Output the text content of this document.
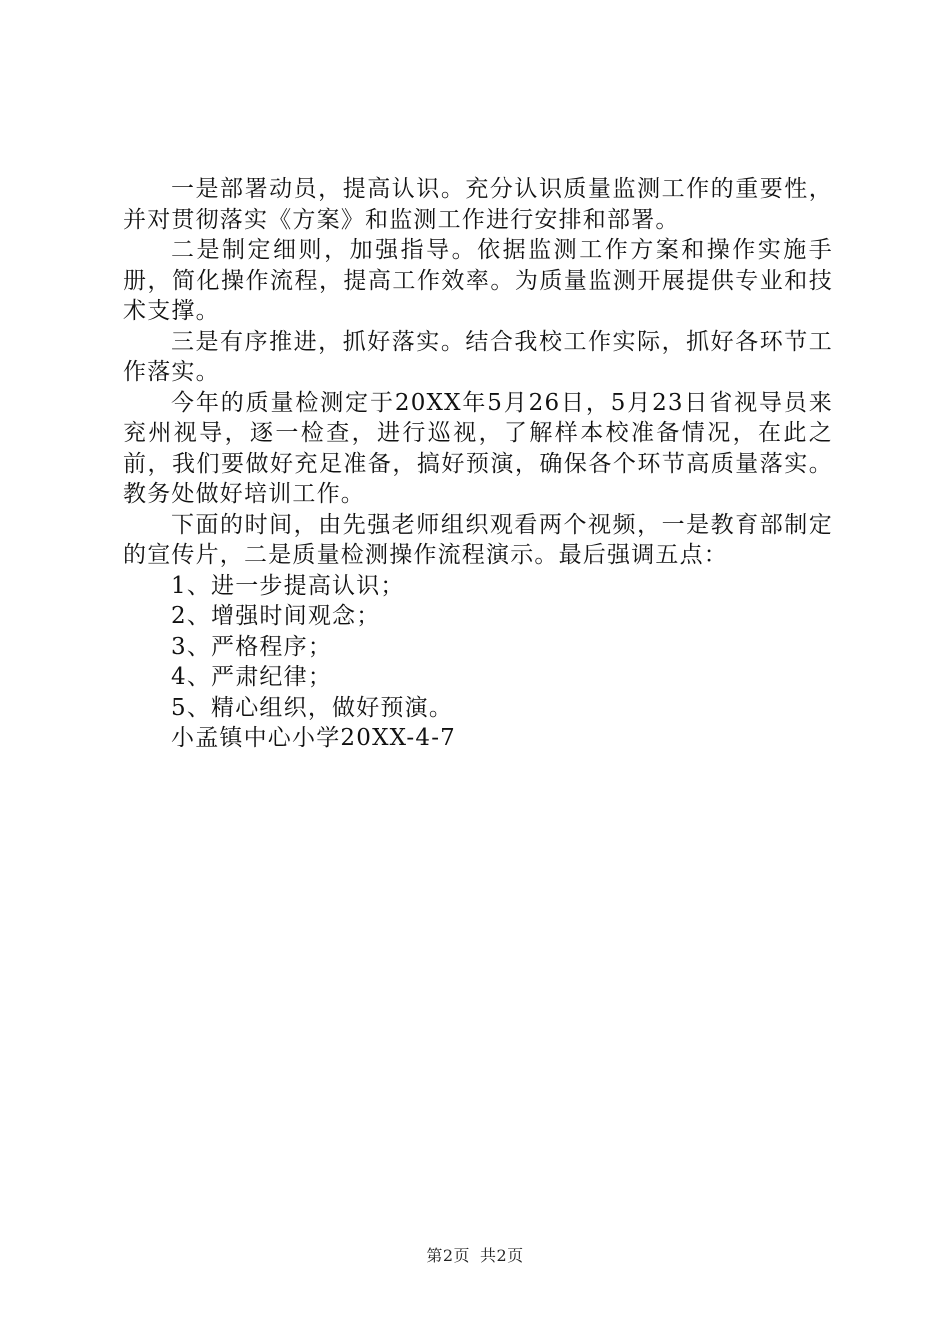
一是部署动员，提高认识。充分认识质量监测工作的重要性，并对贯彻落实《方案》和监测工作进行安排和部署。

二是制定细则，加强指导。依据监测工作方案和操作实施手册，简化操作流程，提高工作效率。为质量监测开展提供专业和技术支撑。

三是有序推进，抓好落实。结合我校工作实际，抓好各环节工作落实。

今年的质量检测定于20XX年5月26日，5月23日省视导员来兖州视导，逐一检查，进行巡视，了解样本校准备情况，在此之前，我们要做好充足准备，搞好预演，确保各个环节高质量落实。教务处做好培训工作。

下面的时间，由先强老师组织观看两个视频，一是教育部制定的宣传片，二是质量检测操作流程演示。最后强调五点：

1、进一步提高认识；

2、增强时间观念；

3、严格程序；

4、严肃纪律；

5、精心组织，做好预演。

小孟镇中心小学20XX-4-7

第2页 共2页
